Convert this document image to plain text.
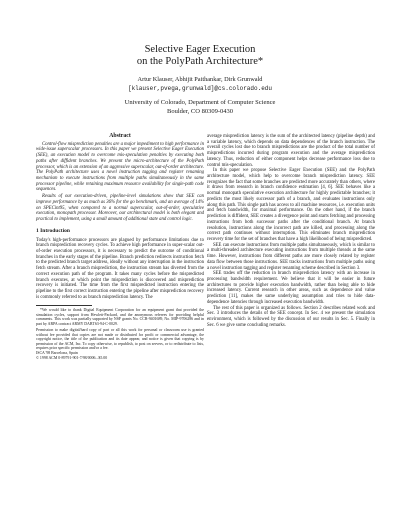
Selective Eager Execution
on the PolyPath Architecture*
Artur Klauser, Abhijit Paithankar, Dirk Grunwald
[klauser,pvega,grunwald]@cs.colorado.edu
University of Colorado, Department of Computer Science
Boulder, CO 80309-0430
Abstract

Control-flow misprediction penalties are a major impediment to high performance in wide-issue superscalar processors. In this paper we present Selective Eager Execution (SEE), an execution model to overcome mis-speculation penalties by executing both paths after diffident branches. We present the micro-architecture of the PolyPath processor, which is an extension of an aggressive superscalar, out-of-order architecture. The PolyPath architecture uses a novel instruction tagging and register renaming mechanism to execute instructions from multiple paths simultaneously in the same processor pipeline, while retaining maximum resource availability for single-path code sequences.

Results of our execution-driven, pipeline-level simulations show that SEE can improve performance by as much as 36% for the go benchmark, and an average of 14% on SPECint95, when compared to a normal superscalar, out-of-order, speculative execution, monopath processor. Moreover, our architectural model is both elegant and practical to implement, using a small amount of additional state and control logic.

1 Introduction

Today's high-performance processors are plagued by performance limitations due to branch misprediction recovery cycles. To achieve high performance in super-scalar out-of-order execution processors, it is necessary to predict the outcome of conditional branches in the early stages of the pipeline. Branch prediction redirects instruction fetch to the predicted branch target address, ideally without any interruption in the instruction fetch stream. After a branch misprediction, the instruction stream has diverted from the correct execution path of the program. It takes many cycles before the mispredicted branch executes, at which point the misprediction is discovered and misprediction recovery is initiated. The time from the first mispredicted instruction entering the pipeline to the first correct instruction entering the pipeline after misprediction recovery is commonly referred to as branch misprediction latency. The

*We would like to thank Digital Equipment Corporation for an equipment grant that provided the simulation cycles, support from Hewlett-Packard, and the anonymous referees for providing helpful comments. This work was partially supported by NSF grants No. CCR-9401689, No. MIP-9706286 and in part by ARPA contract ARMY DABT63-94-C-0029.

Permission to make digital/hard copy of part or all this work for personal or classroom use is granted without fee provided that copies are not made or distributed for profit or commercial advantage, the copyright notice, the title of the publication and its date appear, and notice is given that copying is by permission of the ACM, Inc. To copy otherwise, to republish, to post on servers, or to redistribute to lists, requires prior specific permission and/or a fee.

ISCA '98 Barcelona, Spain

© 1998 ACM 0-89791-901-7/98/0006...$5.00

average misprediction latency is the sum of the architected latency (pipeline depth) and a variable latency, which depends on data dependences of the branch instruction. The overall cycles lost due to branch mispredictions are the product of the total number of mispredictions incurred during program execution and the average misprediction latency. Thus, reduction of either component helps decrease performance loss due to control mis-speculation.

In this paper we propose Selective Eager Execution (SEE) and the PolyPath architecture model, which help to overcome branch misprediction latency. SEE recognizes the fact that some branches are predicted more accurately than others, where it draws from research in branch confidence estimation [4, 6]. SEE behaves like a normal monopath speculative execution architecture for highly predictable branches; it predicts the most likely successor path of a branch, and evaluates instructions only along this path. This single path has access to all machine resources, i.e. execution units and fetch bandwidth, for maximal performance. On the other hand, if the branch prediction is diffident, SEE creates a divergence point and starts fetching and processing instructions from both successor paths after the conditional branch. At branch resolution, instructions along the incorrect path are killed, and processing along the correct path continues without interruption. This eliminates branch misprediction recovery time for the set of branches that have a high likelihood of being mispredicted.

SEE can execute instructions from multiple paths simultaneously, which is similar to a multi-threaded architecture executing instructions from multiple threads at the same time. However, instructions from different paths are more closely related by register data flow between those instructions. SEE tracks instructions from multiple paths using a novel instruction tagging and register renaming scheme described in Section 3.

SEE trades off the reduction in branch misprediction latency with an increase in processing bandwidth requirement. We believe that it will be easier in future architectures to provide higher execution bandwidth, rather than being able to hide increased latency. Current research in other areas, such as dependence and value prediction [11], makes the same underlying assumption and tries to hide data-dependence latencies through increased execution bandwidth.

The rest of this paper is organized as follows. Section 2 describes related work and Sec. 3 introduces the details of the SEE concept. In Sec. 4 we present the simulation environment, which is followed by the discussion of our results in Sec. 5. Finally in Sec. 6 we give some concluding remarks.
